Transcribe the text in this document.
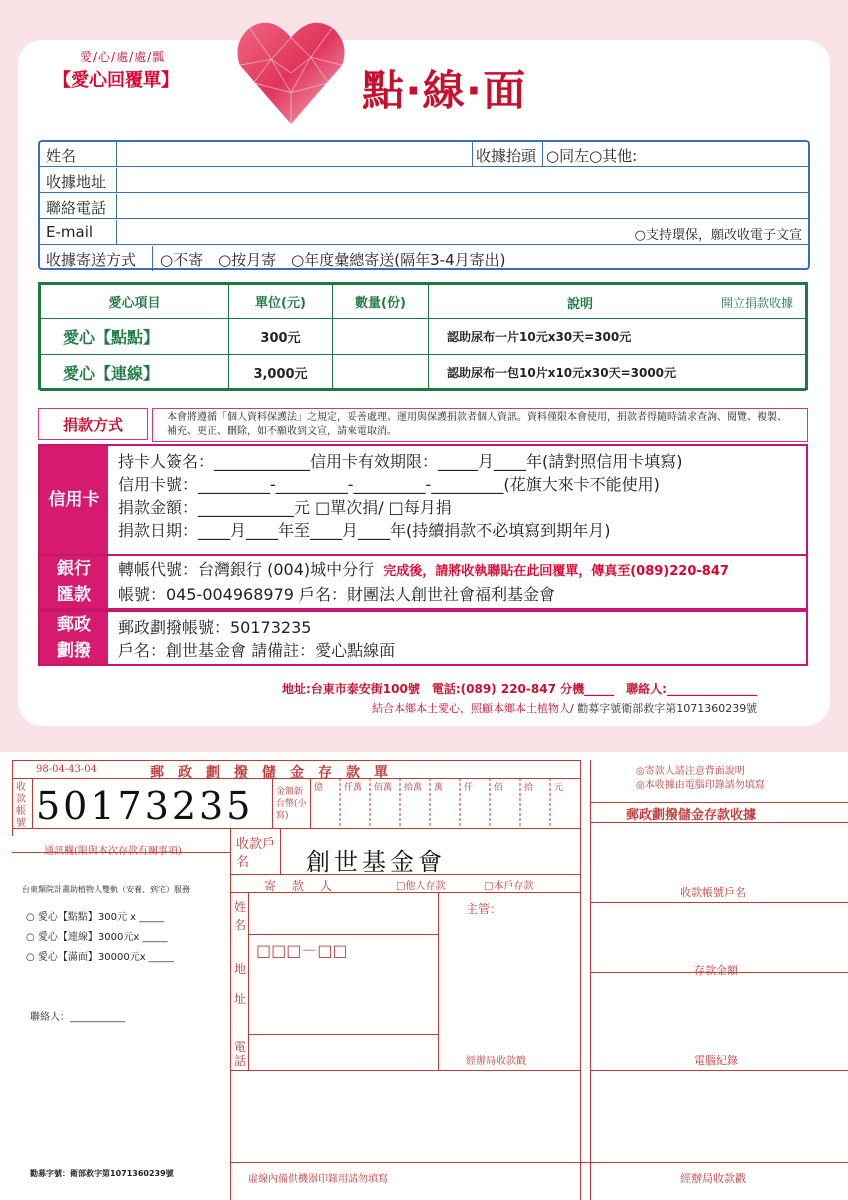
愛/心/處/處/瓢
【愛心回覆單】	點‧線‧面
姓名	收據抬頭 ○同左○其他:
收據地址
聯絡電話
E-mail	○支持環保，願改收電子文宣
收據寄送方式 ○不寄　○按月寄　○年度彙總寄送(隔年3-4月寄出)
愛心項目	單位(元)	數量(份)	說明 開立捐款收據

愛心【點點】	300元		認助尿布一片10元x30天=300元
愛心【連線】	3,000元		認助尿布一包10片x10元x30天=3000元
捐款方式	本會將遵循「個人資料保護法」之規定，妥善處理、運用與保護捐款者個人資訊。資料僅限本會使用，捐款者得隨時請求查詢、閱覽、複製、補充、更正、刪除，如不願收到文宣，請來電取消。
信用卡
持卡人簽名：____________信用卡有效期限：_____月____年(請對照信用卡填寫)
信用卡號：_________-_________-_________-_________(花旗大來卡不能使用)
捐款金額：____________元 □單次捐/ □每月捐
捐款日期：____月____年至____月____年(持續捐款不必填寫到期年月)
銀行
匯款
轉帳代號：台灣銀行 (004)城中分行 完成後，請將收執聯貼在此回覆單，傳真至(089)220-847
帳號：045-004968979 戶名：財團法人創世社會福利基金會
郵政
劃撥
郵政劃撥帳號：50173235
戶名：創世基金會 請備註：愛心點線面
地址:台東市泰安街100號　電話:(089) 220-847 分機_____　聯絡人:_______________
結合本鄉本土愛心，照顧本鄉本土植物人/ 勸募字號衛部救字第1071360239號
億	仟萬	佰萬	拾萬	萬	仟	佰	拾	元
98-04-43-04	郵　政　劃　撥　儲　金　存　款　單
收款帳號 50173235	金額新台幣(小寫)
◎寄款人請注意背面說明
◎本收據由電腦印錄請勿填寫
郵政劃撥儲金存款收據
通訊欄(限與本次存款有關事項)
台東類院計畫助植物人雙軌（安養、到宅）服務
○ 愛心【點點】300元 x _____
○ 愛心【連線】3000元x _____
○ 愛心【滿面】30000元x _____
聯絡人：___________
收款戶名	創世基金會
寄　款　人	□他人存款	□本戶存款
姓名
地址
電話
□□□－□□
主管：
經辦局收款戳
收款帳號戶名
存款金額
電腦紀錄
經辦局收款戳
虛線內備供機器印錄用請勿填寫
勸募字號：衛部救字第1071360239號
